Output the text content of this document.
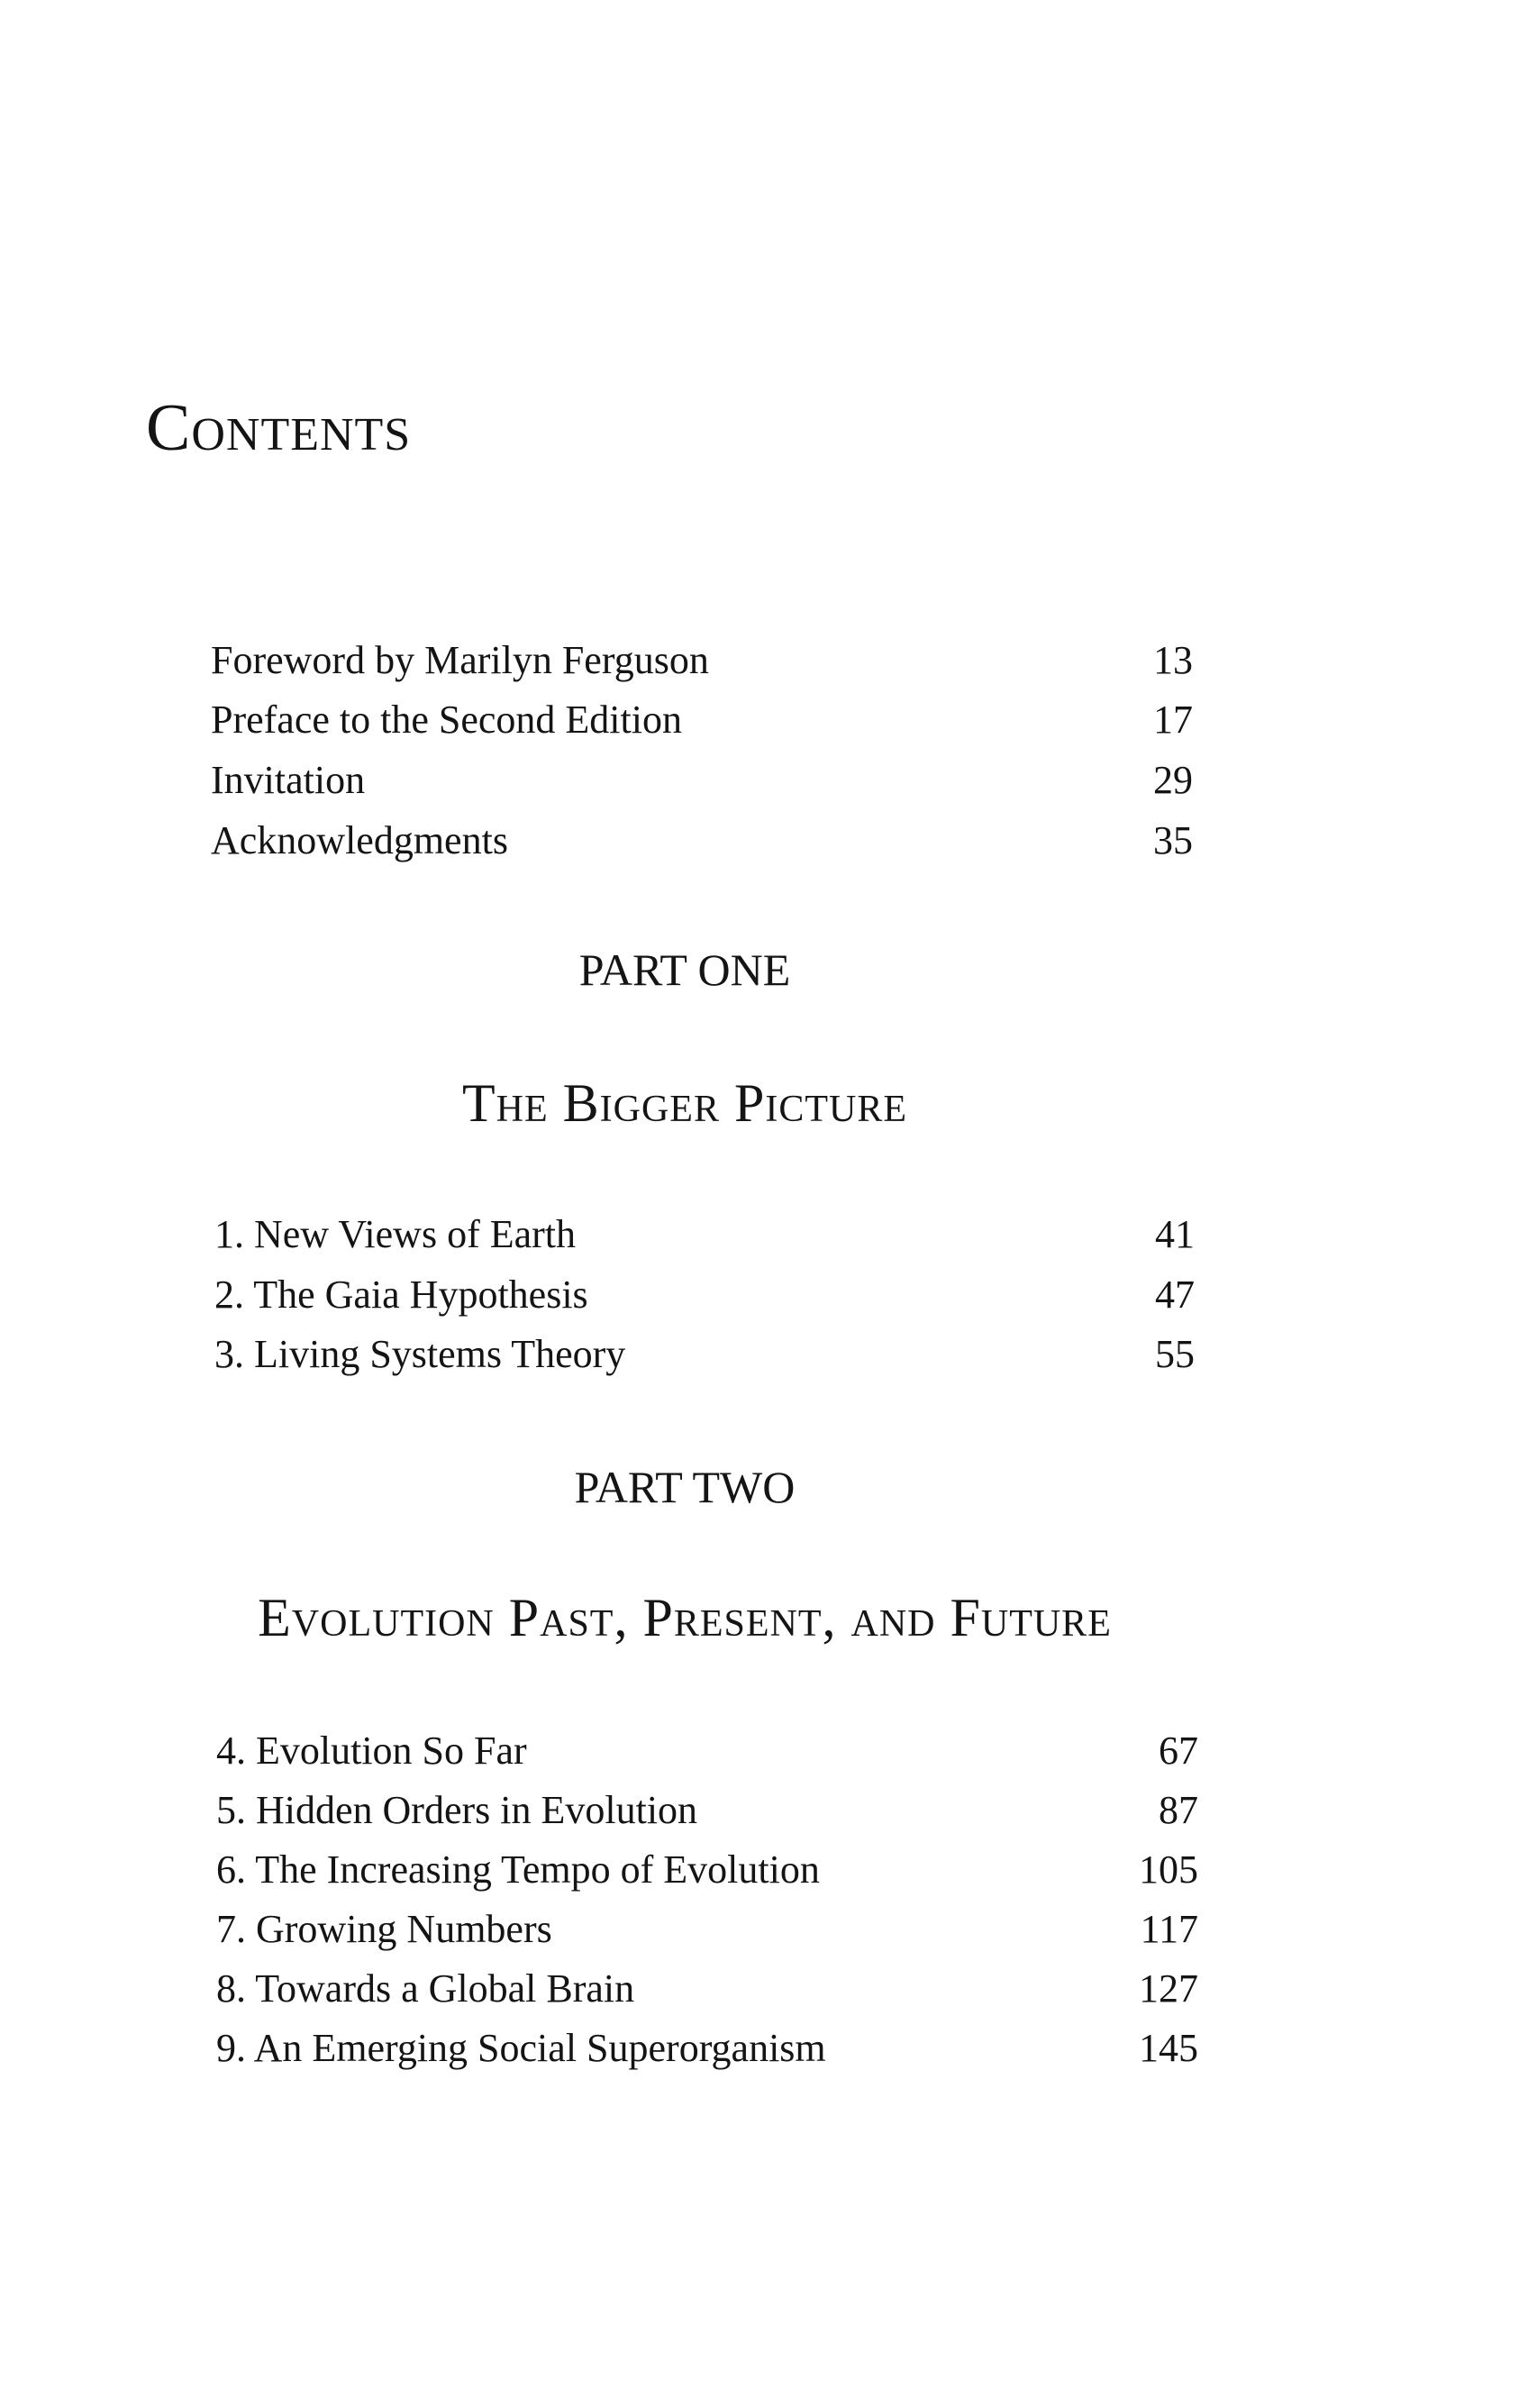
Contents
Foreword by Marilyn Ferguson	13
Preface to the Second Edition	17
Invitation	29
Acknowledgments	35
PART ONE
The Bigger Picture
1. New Views of Earth	41
2. The Gaia Hypothesis	47
3. Living Systems Theory	55
PART TWO
Evolution Past, Present, and Future
4. Evolution So Far	67
5. Hidden Orders in Evolution	87
6. The Increasing Tempo of Evolution	105
7. Growing Numbers	117
8. Towards a Global Brain	127
9. An Emerging Social Superorganism	145
